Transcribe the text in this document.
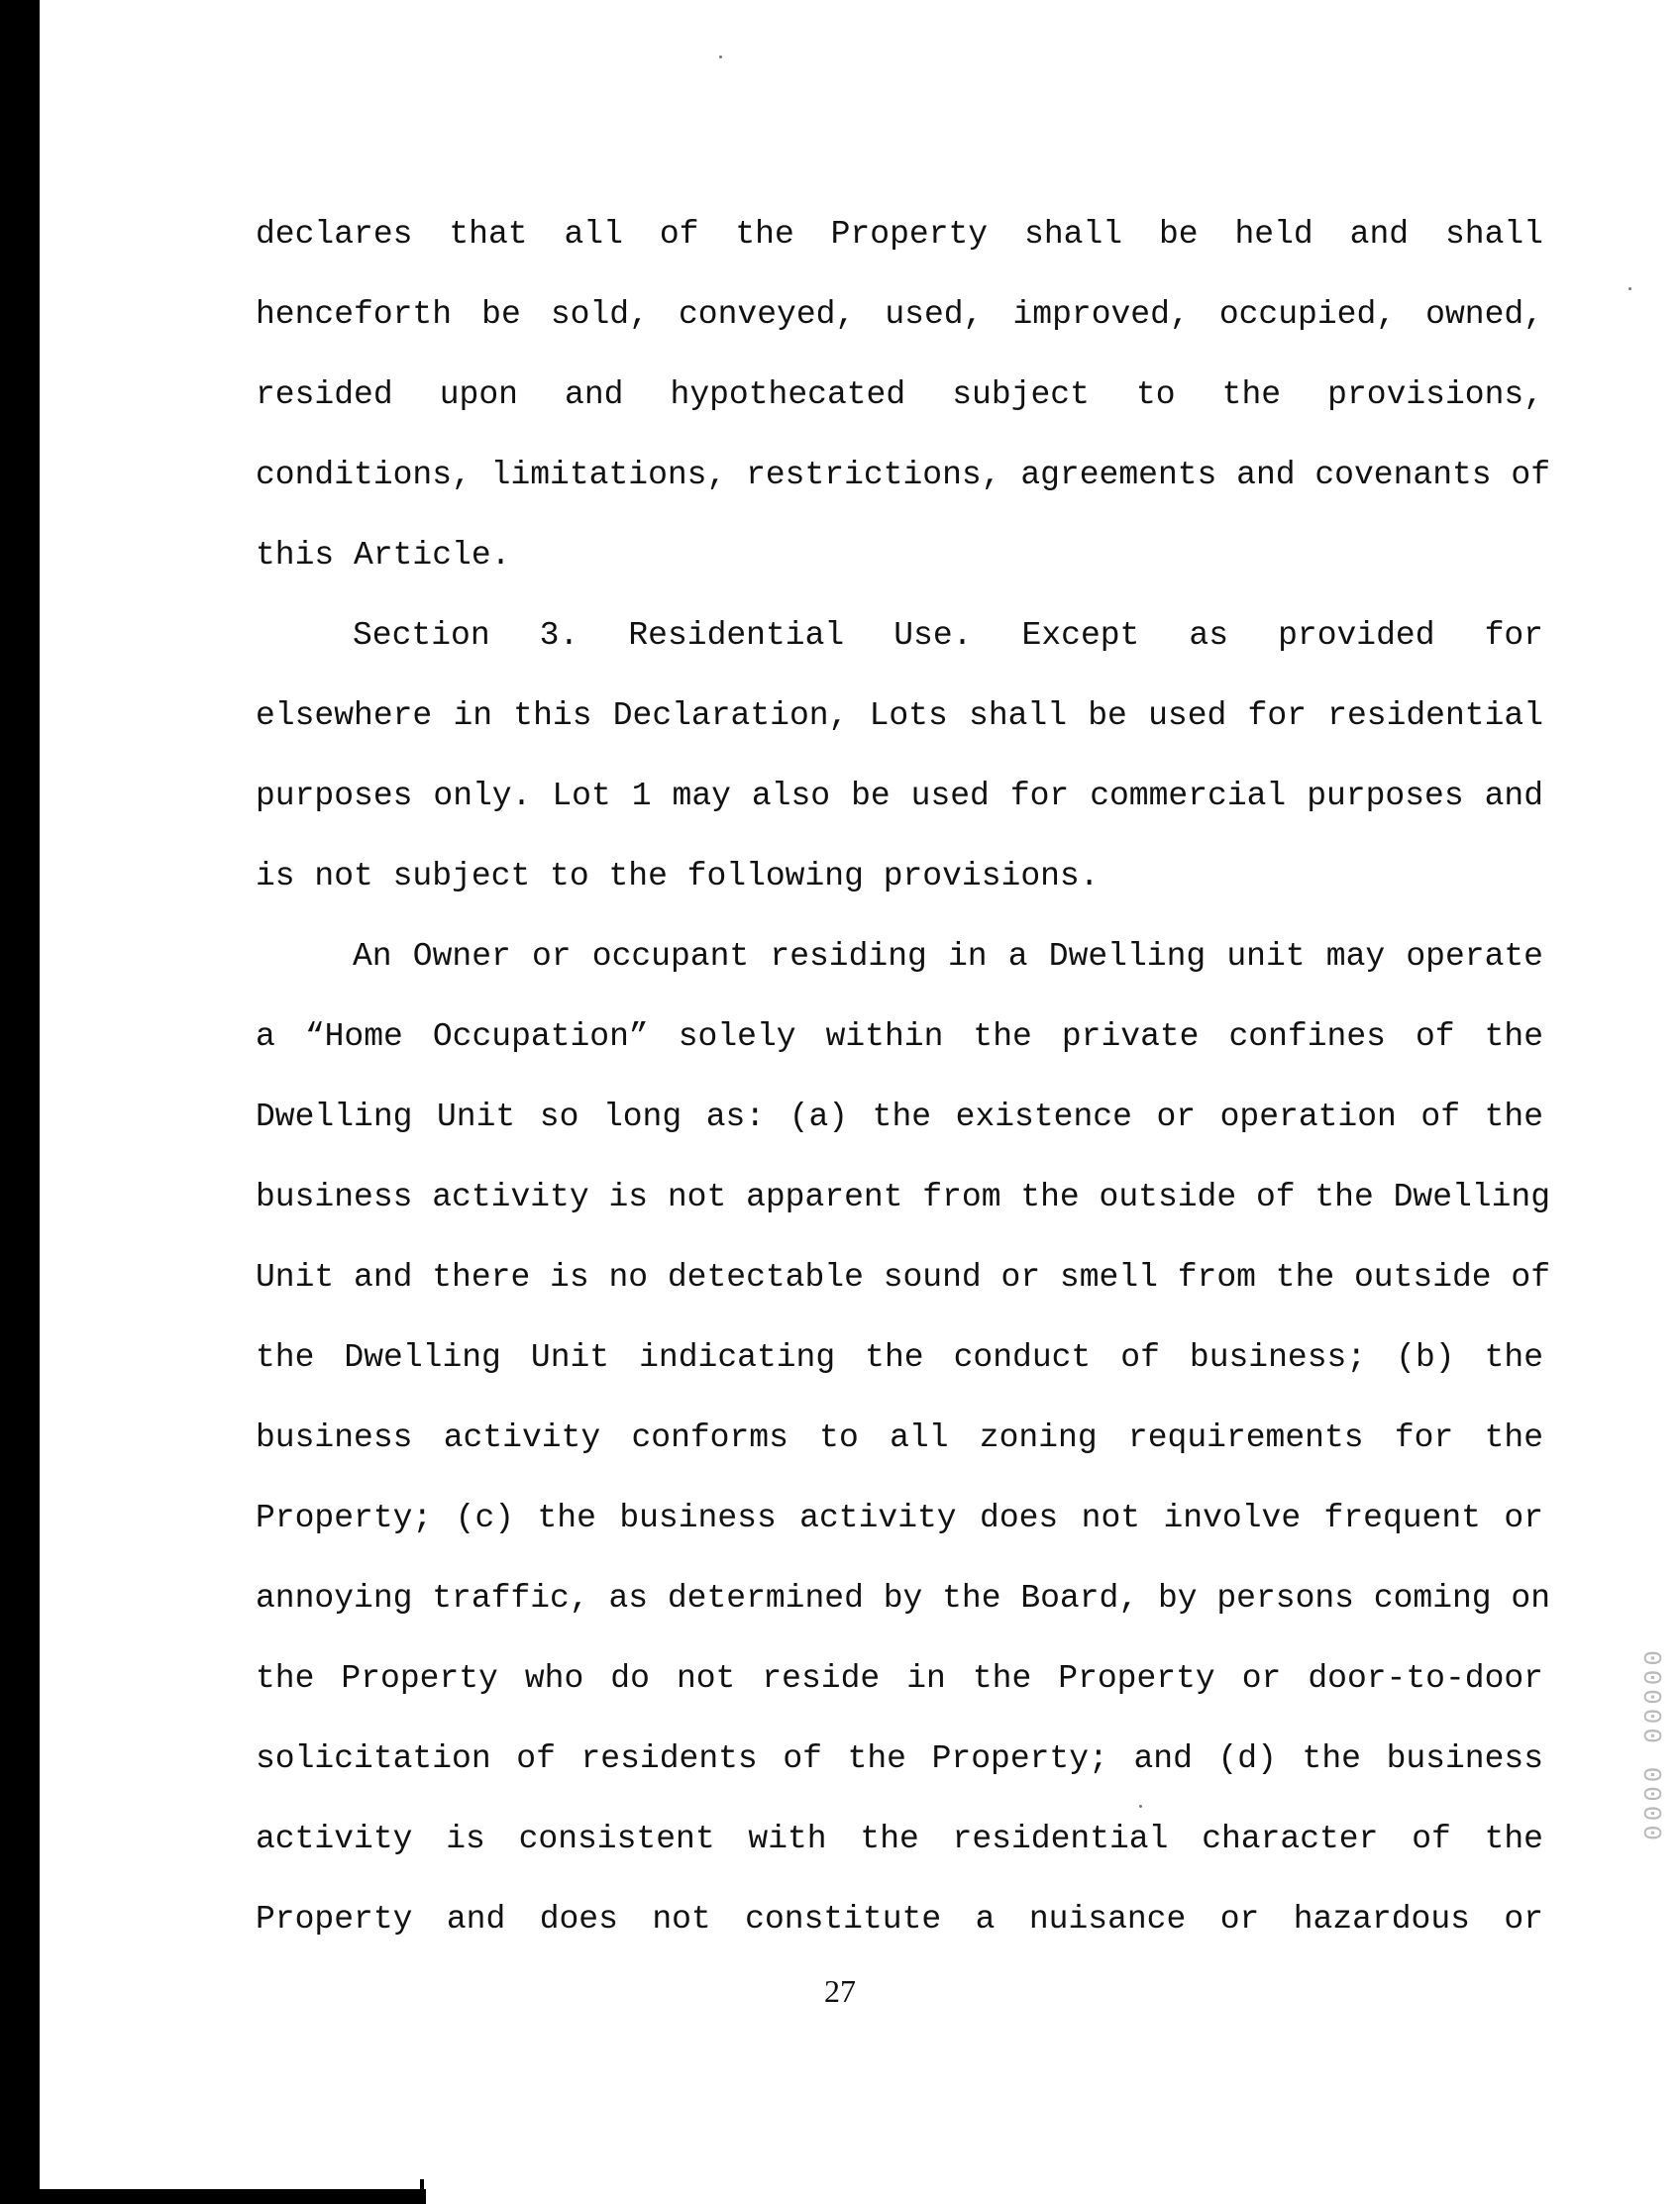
declares that all of the Property shall be held and shall
henceforth be sold, conveyed, used, improved, occupied, owned,
resided upon and hypothecated subject to the provisions,
conditions, limitations, restrictions, agreements and covenants of
this Article.
Section 3. Residential Use. Except as provided for
elsewhere in this Declaration, Lots shall be used for residential
purposes only. Lot 1 may also be used for commercial purposes and
is not subject to the following provisions.
An Owner or occupant residing in a Dwelling unit may operate
a “Home Occupation” solely within the private confines of the
Dwelling Unit so long as: (a) the existence or operation of the
business activity is not apparent from the outside of the Dwelling
Unit and there is no detectable sound or smell from the outside of
the Dwelling Unit indicating the conduct of business; (b) the
business activity conforms to all zoning requirements for the
Property; (c) the business activity does not involve frequent or
annoying traffic, as determined by the Board, by persons coming on
the Property who do not reside in the Property or door-to-door
solicitation of residents of the Property; and (d) the business
activity is consistent with the residential character of the
Property and does not constitute a nuisance or hazardous or
27
0000 00000
